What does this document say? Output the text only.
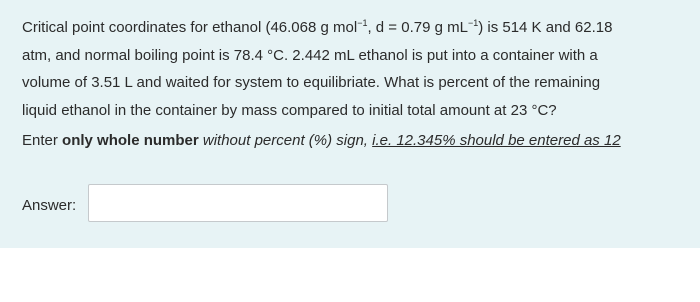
Critical point coordinates for ethanol (46.068 g mol$^{-1}$, d = 0.79 g $mL^{-1}$) is 514 K and 62.18
atm, and normal boiling point is 78.4 °C. 2.442 mL ethanol is put into a container with a
volume of 3.51 L and waited for system to equilibriate. What is percent of the remaining
liquid ethanol in the container by mass compared to initial total amount at 23 °C?
Enter only whole number without percent (%) sign, i.e. 12.345% should be entered as 12
Answer:
